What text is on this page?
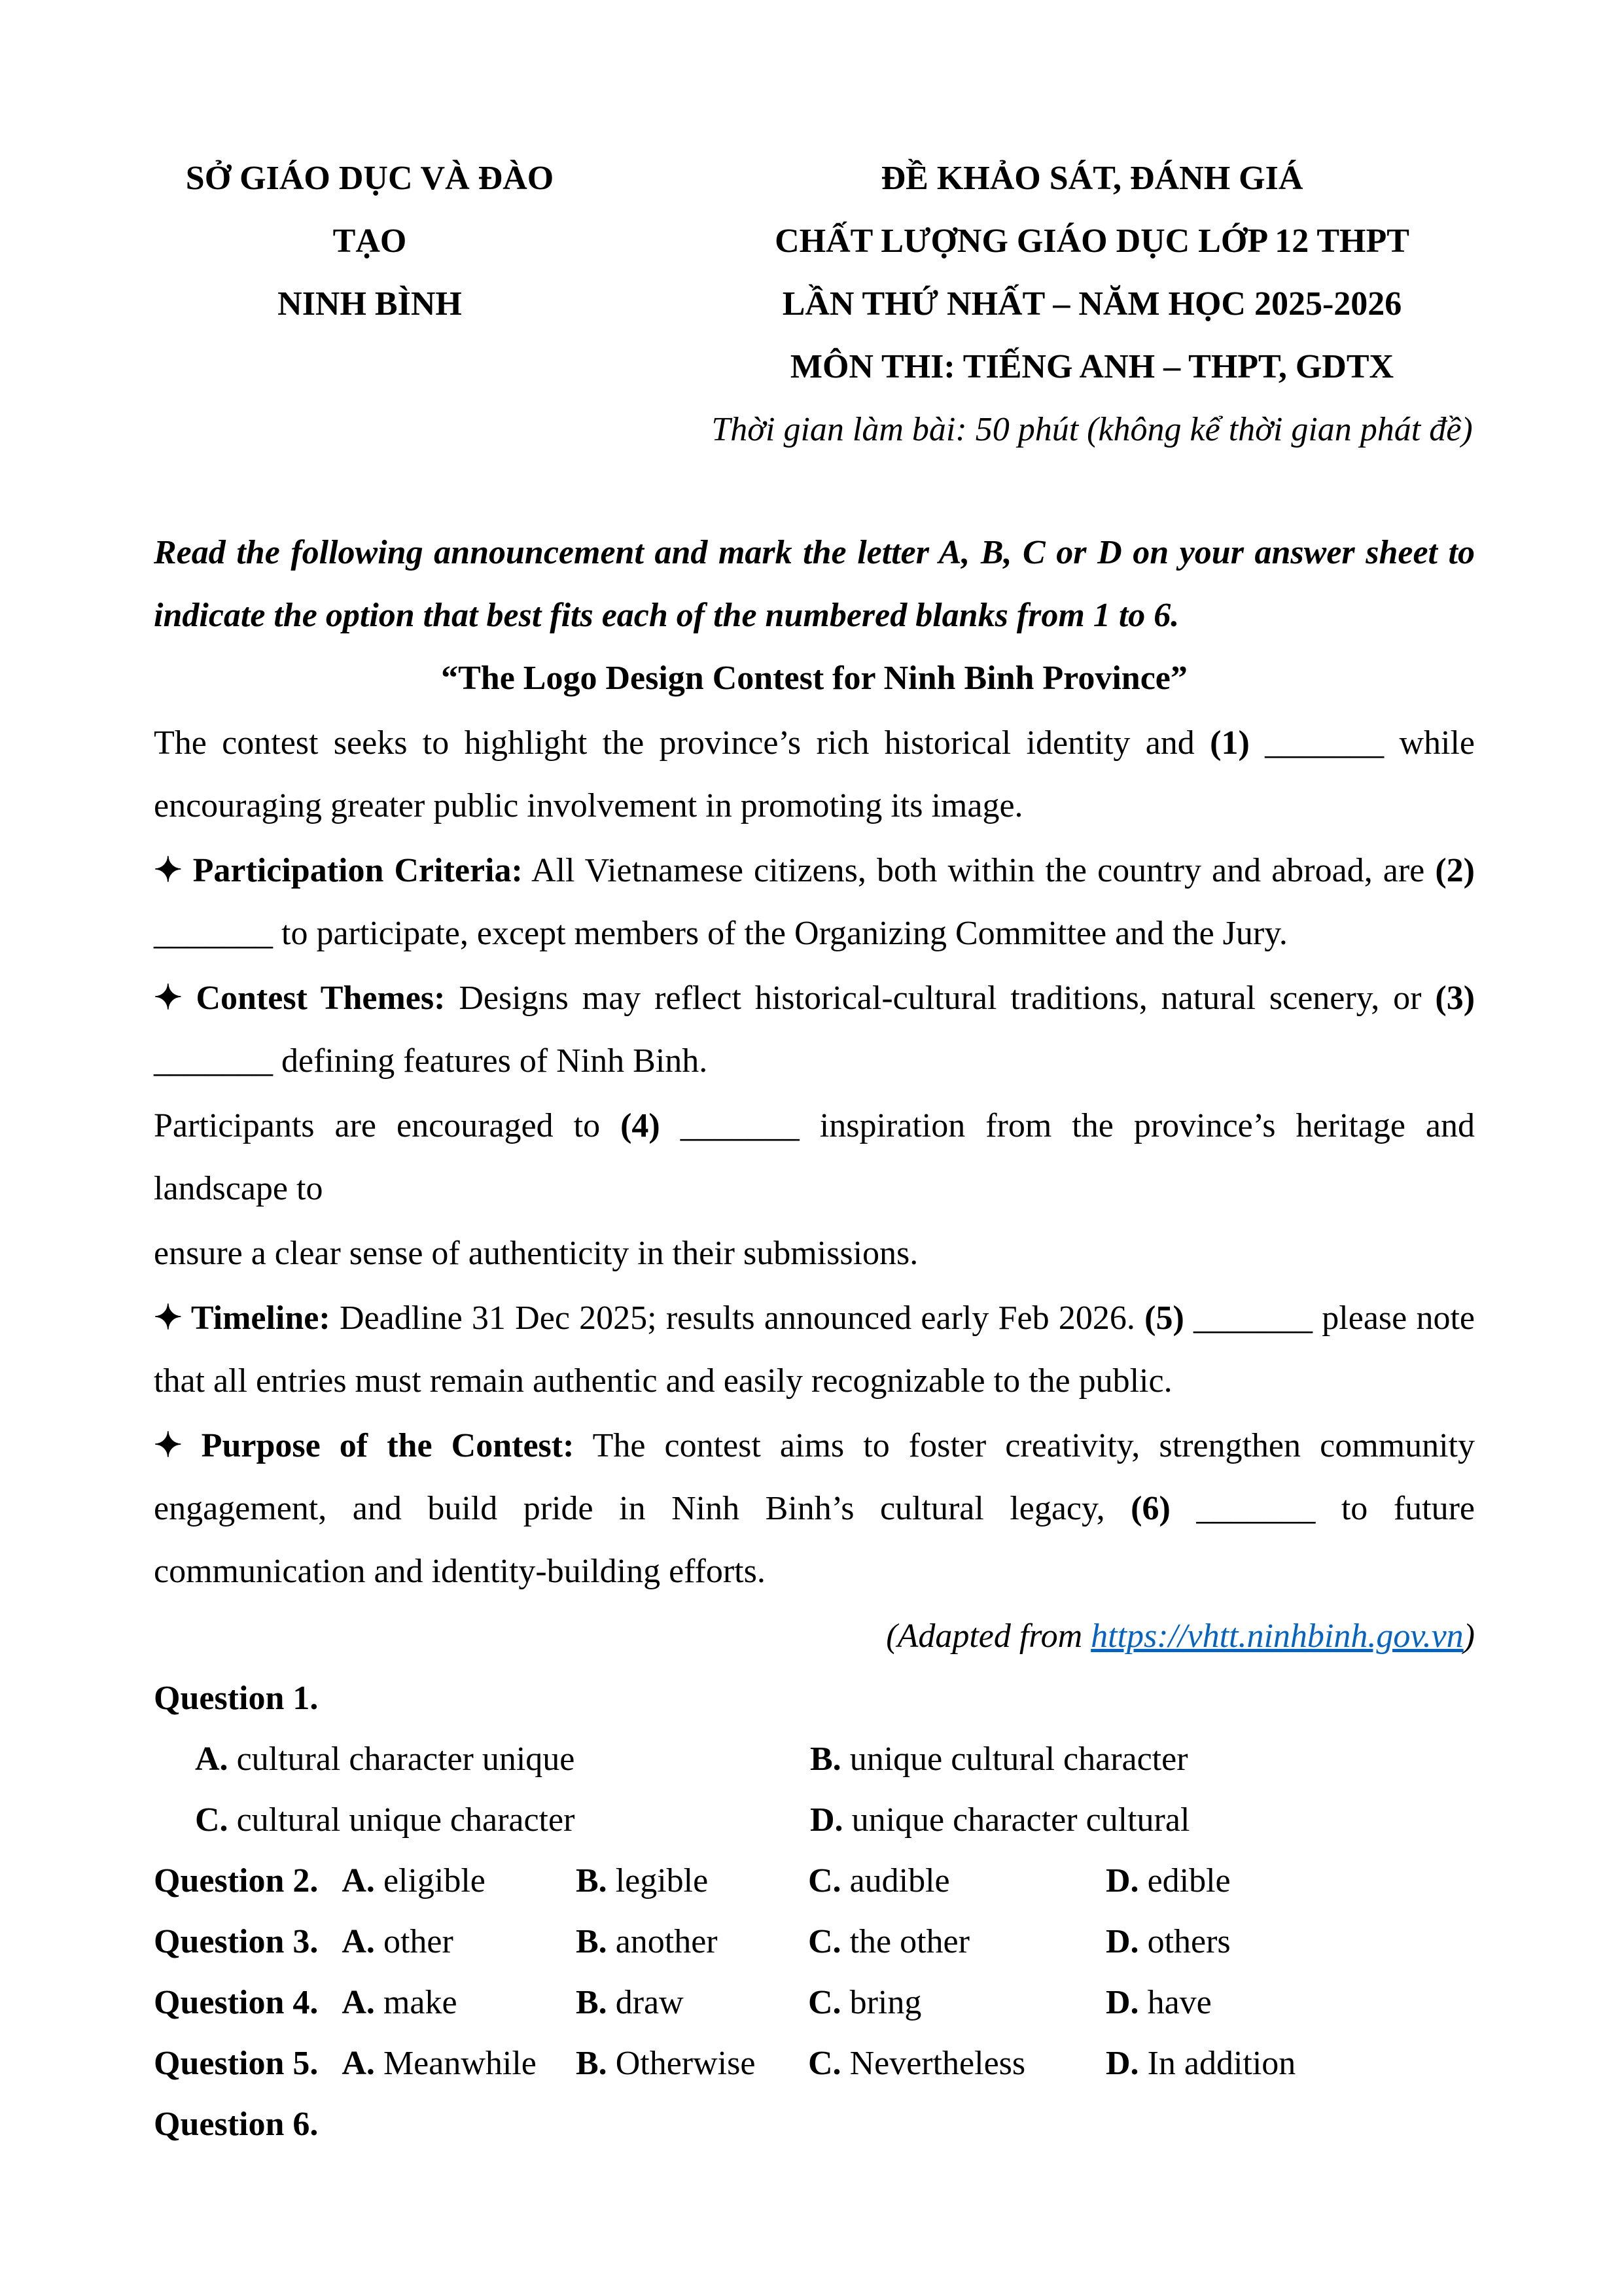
SỞ GIÁO DỤC VÀ ĐÀO TẠO
NINH BÌNH
ĐỀ KHẢO SÁT, ĐÁNH GIÁ
CHẤT LƯỢNG GIÁO DỤC LỚP 12 THPT
LẦN THỨ NHẤT – NĂM HỌC 2025-2026
MÔN THI: TIẾNG ANH – THPT, GDTX
Thời gian làm bài: 50 phút (không kể thời gian phát đề)

Read the following announcement and mark the letter A, B, C or D on your answer sheet to indicate the option that best fits each of the numbered blanks from 1 to 6.

“The Logo Design Contest for Ninh Binh Province”

The contest seeks to highlight the province’s rich historical identity and (1) _______ while encouraging greater public involvement in promoting its image.

✦ Participation Criteria: All Vietnamese citizens, both within the country and abroad, are (2) _______ to participate, except members of the Organizing Committee and the Jury.

✦ Contest Themes: Designs may reflect historical-cultural traditions, natural scenery, or (3) _______ defining features of Ninh Binh.

Participants are encouraged to (4) _______ inspiration from the province’s heritage and landscape to

ensure a clear sense of authenticity in their submissions.

✦ Timeline: Deadline 31 Dec 2025; results announced early Feb 2026. (5) _______ please note that all entries must remain authentic and easily recognizable to the public.

✦ Purpose of the Contest: The contest aims to foster creativity, strengthen community engagement, and build pride in Ninh Binh’s cultural legacy, (6) _______ to future communication and identity-building efforts.

(Adapted from https://vhtt.ninhbinh.gov.vn)

Question 1.

A. cultural character unique	B. unique cultural character
C. cultural unique character	D. unique character cultural
Question 2. A. eligible	B. legible	C. audible	D. edible
Question 3. A. other	B. another	C. the other	D. others
Question 4. A. make	B. draw	C. bring	D. have
Question 5. A. Meanwhile	B. Otherwise	C. Nevertheless	D. In addition

Question 6.
